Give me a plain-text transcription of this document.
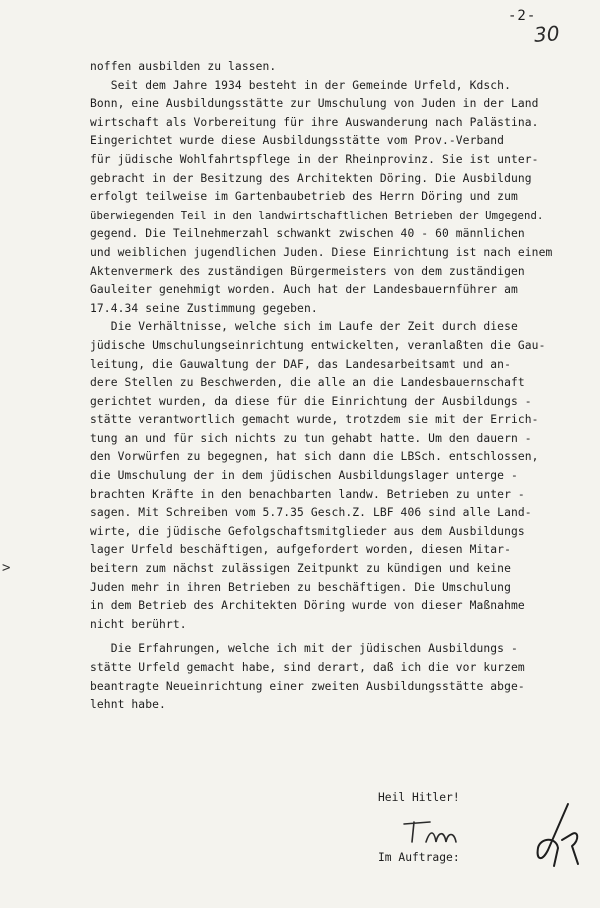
-2-
30
>
noffen ausbilden zu lassen.
Seit dem Jahre 1934 besteht in der Gemeinde Urfeld, Kdsch.
Bonn, eine Ausbildungsstätte zur Umschulung von Juden in der Land
wirtschaft als Vorbereitung für ihre Auswanderung nach Palästina.
Eingerichtet wurde diese Ausbildungsstätte vom Prov.-Verband
für jüdische Wohlfahrtspflege in der Rheinprovinz. Sie ist unter-
gebracht in der Besitzung des Architekten Döring. Die Ausbildung
erfolgt teilweise im Gartenbaubetrieb des Herrn Döring und zum
überwiegenden Teil in den landwirtschaftlichen Betrieben der Umgegend.
gegend. Die Teilnehmerzahl schwankt zwischen 40 - 60 männlichen
und weiblichen jugendlichen Juden. Diese Einrichtung ist nach einem
Aktenvermerk des zuständigen Bürgermeisters von dem zuständigen
Gauleiter genehmigt worden. Auch hat der Landesbauernführer am
17.4.34 seine Zustimmung gegeben.
Die Verhältnisse, welche sich im Laufe der Zeit durch diese
jüdische Umschulungseinrichtung entwickelten, veranlaßten die Gau-
leitung, die Gauwaltung der DAF, das Landesarbeitsamt und an-
dere Stellen zu Beschwerden, die alle an die Landesbauernschaft
gerichtet wurden, da diese für die Einrichtung der Ausbildungs -
stätte verantwortlich gemacht wurde, trotzdem sie mit der Errich-
tung an und für sich nichts zu tun gehabt hatte. Um den dauern -
den Vorwürfen zu begegnen, hat sich dann die LBSch. entschlossen,
die Umschulung der in dem jüdischen Ausbildungslager unterge -
brachten Kräfte in den benachbarten landw. Betrieben zu unter -
sagen. Mit Schreiben vom 5.7.35 Gesch.Z. LBF 406 sind alle Land-
wirte, die jüdische Gefolgschaftsmitglieder aus dem Ausbildungs
lager Urfeld beschäftigen, aufgefordert worden, diesen Mitar-
beitern zum nächst zulässigen Zeitpunkt zu kündigen und keine
Juden mehr in ihren Betrieben zu beschäftigen. Die Umschulung
in dem Betrieb des Architekten Döring wurde von dieser Maßnahme
nicht berührt.
Die Erfahrungen, welche ich mit der jüdischen Ausbildungs -
stätte Urfeld gemacht habe, sind derart, daß ich die vor kurzem
beantragte Neueinrichtung einer zweiten Ausbildungsstätte abge-
lehnt habe.

Heil Hitler!

Im Auftrage:
